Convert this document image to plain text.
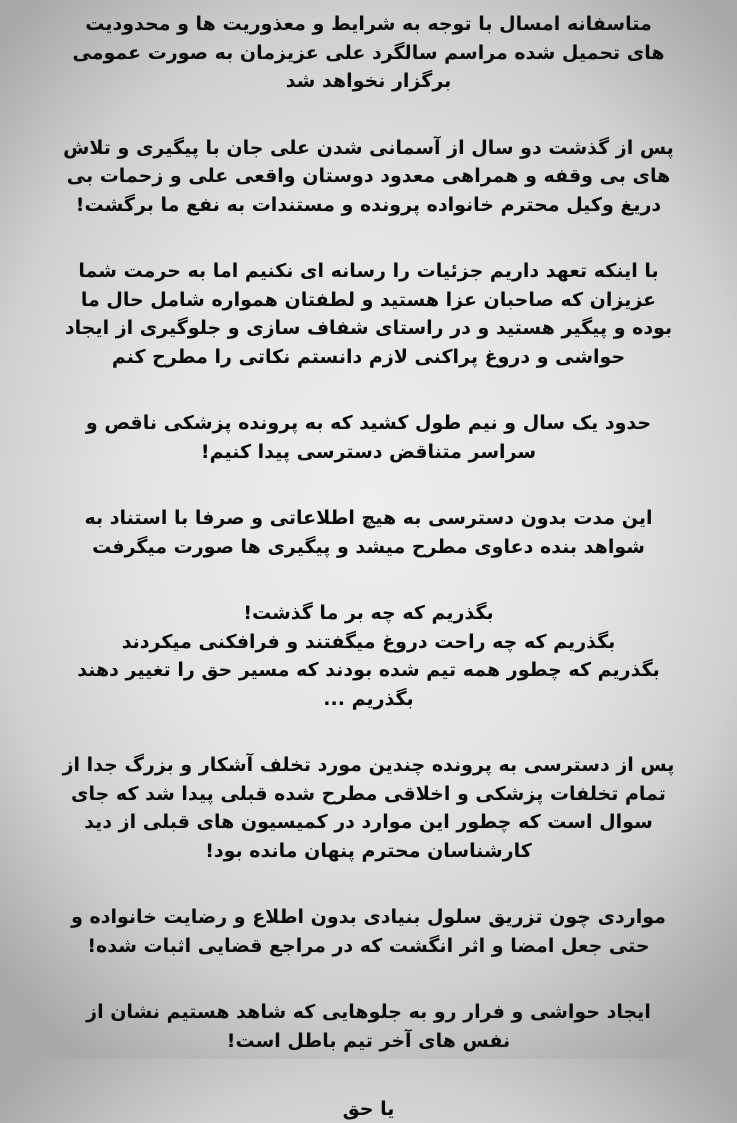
متاسفانه امسال با توجه به شرایط و معذوریت ها و محدودیت
های تحمیل شده مراسم سالگرد علی عزیزمان به صورت عمومی
برگزار نخواهد شد

پس از گذشت دو سال از آسمانی شدن علی جان با پیگیری و تلاش
های بی وقفه و همراهی معدود دوستان واقعی علی و زحمات بی
دریغ وکیل محترم خانواده پرونده و مستندات به نفع ما برگشت!

با اینکه تعهد داریم جزئیات را رسانه ای نکنیم اما به حرمت شما
عزیزان که صاحبان عزا هستید و لطفتان همواره شامل حال ما
بوده و پیگیر هستید و در راستای شفاف سازی و جلوگیری از ایجاد
حواشی و دروغ پراکنی لازم دانستم نکاتی را مطرح کنم

حدود یک سال و نیم طول کشید که به پرونده پزشکی ناقص و
سراسر متناقض دسترسی پیدا کنیم!

این مدت بدون دسترسی به هیچ اطلاعاتی و صرفا با استناد به
شواهد بنده دعاوی مطرح میشد و پیگیری ها صورت میگرفت

بگذریم که چه بر ما گذشت!
بگذریم که چه راحت دروغ میگفتند و فرافکنی میکردند
بگذریم که چطور همه تیم شده بودند که مسیر حق را تغییر دهند
بگذریم ...

پس از دسترسی به پرونده چندین مورد تخلف آشکار و بزرگ جدا از
تمام تخلفات پزشکی و اخلاقی مطرح شده قبلی پیدا شد که جای
سوال است که چطور این موارد در کمیسیون های قبلی از دید
کارشناسان محترم پنهان مانده بود!

مواردی چون تزریق سلول بنیادی بدون اطلاع و رضایت خانواده و
حتی جعل امضا و اثر انگشت که در مراجع قضایی اثبات شده!

ایجاد حواشی و فرار رو به جلوهایی که شاهد هستیم نشان از
نفس های آخر تیم باطل است!

یا حق
